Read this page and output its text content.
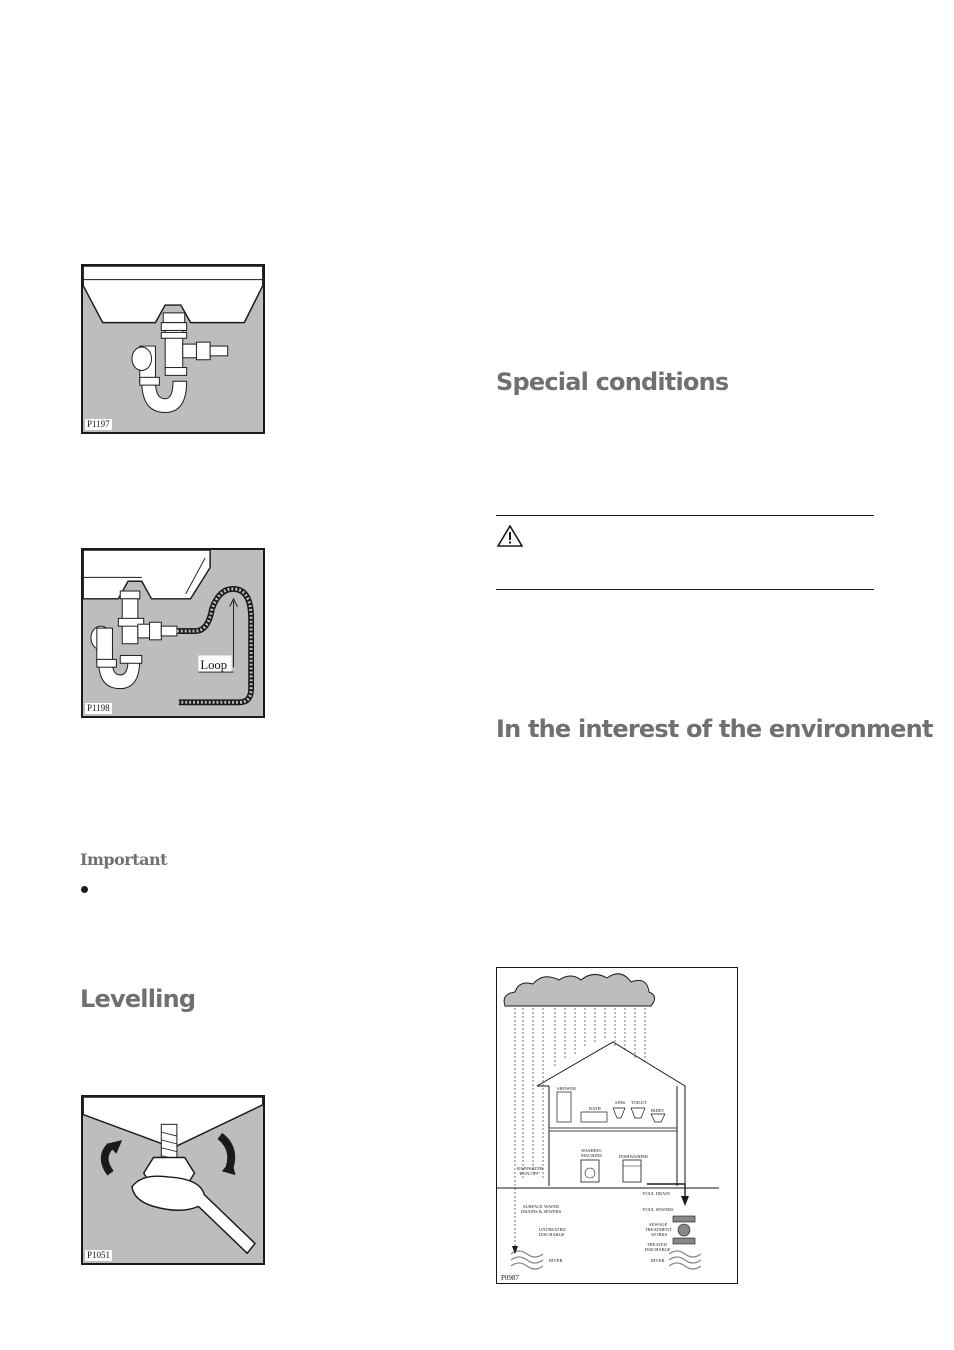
P1197
Loop
P1198
P1051
Special conditions
In the interest of the environment
Important
Levelling
SHOWER
SINK TOILET
BATH	BIDET
WASHING
MACHINE	DISHWASHER
RAINWATER
'RUN OFF'
FOUL DRAIN
SURFACE WATER
DRAINS & SEWERS	FOUL SEWERS
SEWAGE
TREATMENT
WORKS
UNTREATED
DISCHARGE
TREATED
DISCHARGE
RIVER	RIVER
P0987
